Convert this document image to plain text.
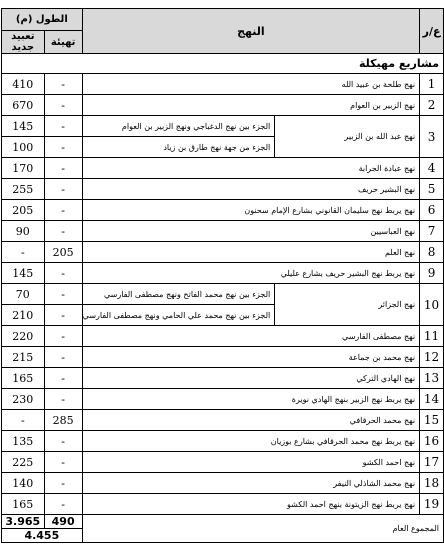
ع/ر	النهج		الطول (م)	
			تهيئة	تعبيد جديد
مشاريع مهيكلة				
1	نهج طلحة بن عبيد الله		-	410
2	نهج الزبير بن العوام		-	670
3	نهج عبد الله بن الزبير	الجزء بين نهج الدغباجي ونهج الزبير بن العوام	-	145
		الجزء من جهة نهج طارق بن زياد	-	100
4	نهج عبادة الجرابة		-	170
5	نهج البشير حريف		-	255
6	نهج يربط نهج سليمان القانوني بشارع الإمام سحنون		-	205
7	نهج العباسيين		-	90
8	نهج العلم		205	-
9	نهج يربط نهج البشير حريف بشارع عليلي		-	145
10	نهج الجزائر	الجزء بين نهج محمد الفاتح ونهج مصطفى الفارسي	-	70
		الجزء بين نهج محمد علي الحامي ونهج مصطفى الفارسي	-	210
11	نهج مصطفى الفارسي		-	220
12	نهج محمد بن جماعة		-	215
13	نهج الهادي التركي		-	165
14	نهج يربط نهج الزبير بنهج الهادي نويرة		-	230
15	نهج محمد الحرقافي		285	-
16	نهج يربط نهج محمد الحرقافي بشارع بوزيان		-	135
17	نهج احمد الكشو		-	225
18	نهج محمد الشاذلي النيفر		-	140
19	نهج يربط نهج الزيتونة بنهج احمد الكشو		-	165
المجموع العام			490	3.965
			4.455	
